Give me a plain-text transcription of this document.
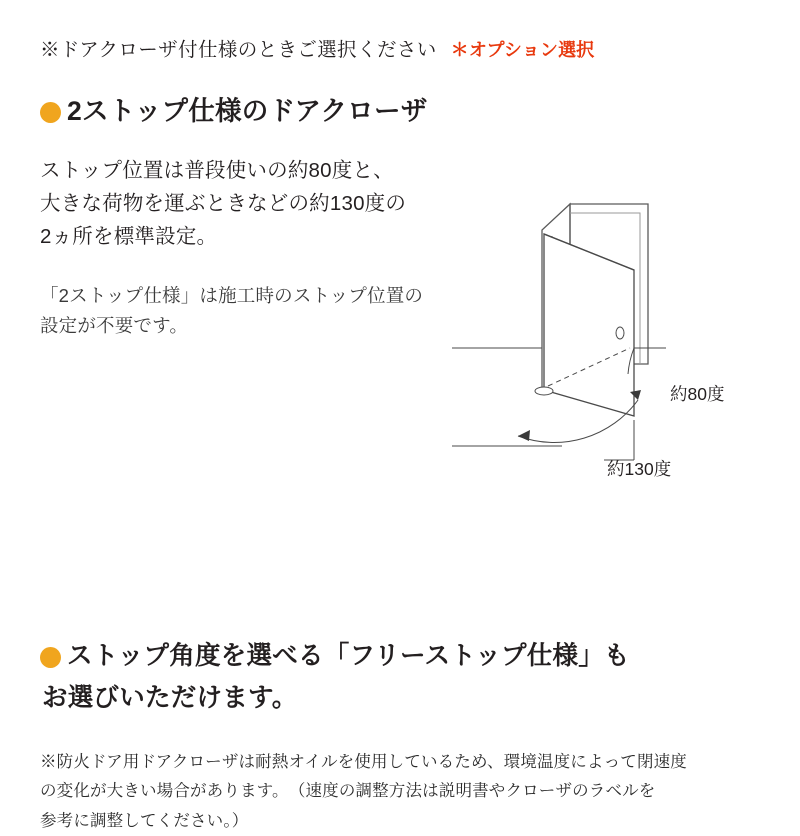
※ドアクローザ付仕様のときご選択ください ＊オプション選択
2ストップ仕様のドアクローザ
ストップ位置は普段使いの約80度と、
大きな荷物を運ぶときなどの約130度の
2ヵ所を標準設定。
「2ストップ仕様」は施工時のストップ位置の
設定が不要です。
約80度
約130度
ストップ角度を選べる「フリーストップ仕様」も
お選びいただけます。
※防火ドア用ドアクローザは耐熱オイルを使用しているため、環境温度によって閉速度
の変化が大きい場合があります。　（速度の調整方法は説明書やクローザのラベルを
参考に調整してください。）
